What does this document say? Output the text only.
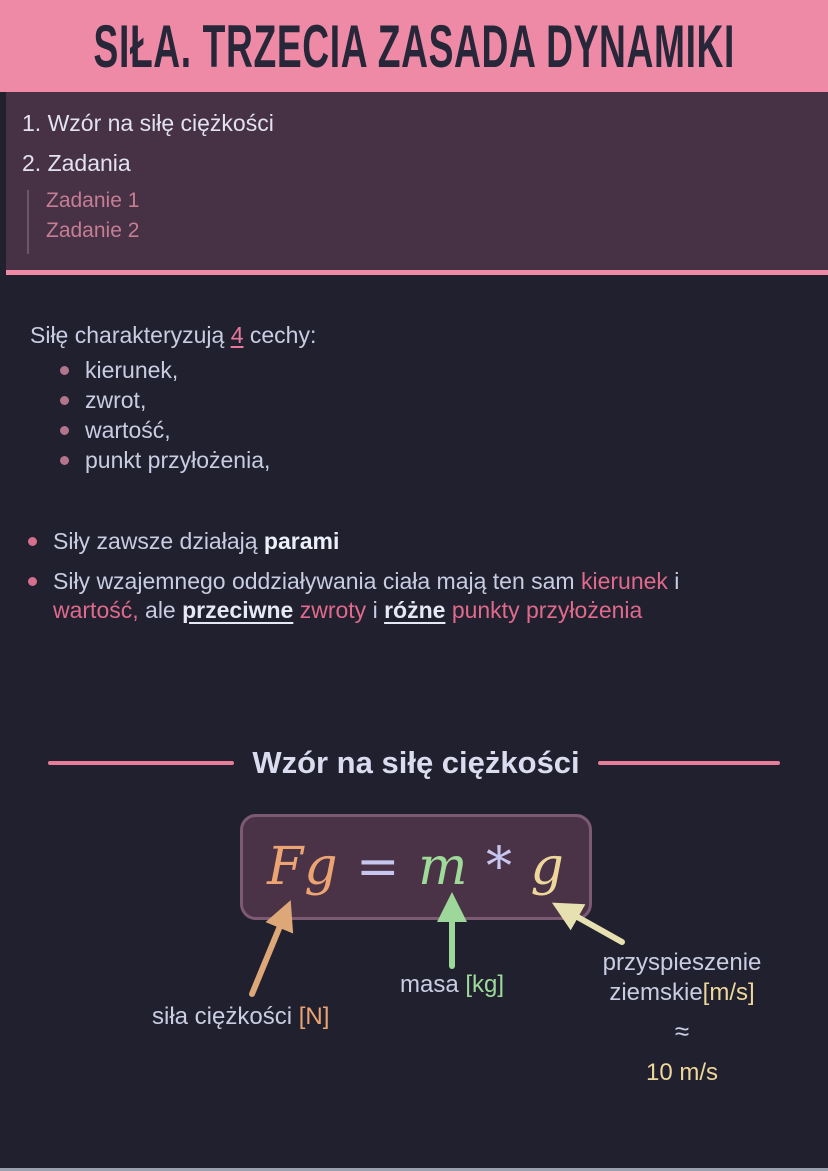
SIŁA. TRZECIA ZASADA DYNAMIKI
1. Wzór na siłę ciężkości
2. Zadania
Zadanie 1
Zadanie 2
Siłę charakteryzują 4 cechy:
kierunek,
zwrot,
wartość,
punkt przyłożenia,
Siły zawsze działają parami
Siły wzajemnego oddziaływania ciała mają ten sam kierunek i wartość, ale przeciwne zwroty i różne punkty przyłożenia
Wzór na siłę ciężkości
Fg = m * g
siła ciężkości [N]
masa [kg]
przyspieszenie
ziemskie[m/s]
≈
10 m/s
